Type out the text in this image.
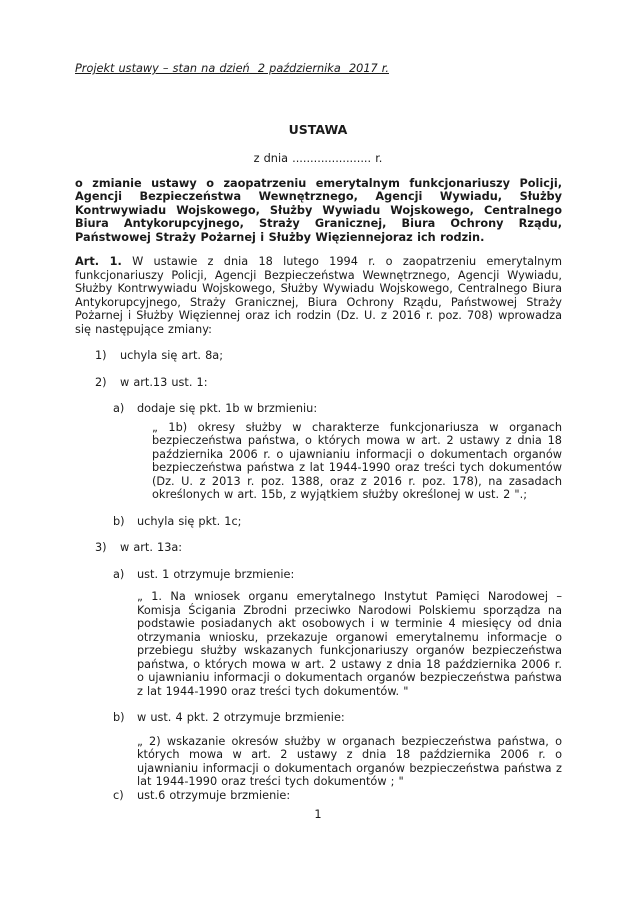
Projekt ustawy – stan na dzień  2 października  2017 r.
USTAWA
z dnia ...................... r.
o zmianie ustawy o zaopatrzeniu emerytalnym funkcjonariuszy Policji, Agencji Bezpieczeństwa Wewnętrznego, Agencji Wywiadu, Służby Kontrwywiadu Wojskowego, Służby Wywiadu Wojskowego, Centralnego Biura Antykorupcyjnego, Straży Granicznej, Biura Ochrony Rządu, Państwowej Straży Pożarnej i Służby Więziennejoraz ich rodzin.
Art. 1. W ustawie z dnia 18 lutego 1994 r. o zaopatrzeniu emerytalnym funkcjonariuszy Policji, Agencji Bezpieczeństwa Wewnętrznego, Agencji Wywiadu, Służby Kontrwywiadu Wojskowego, Służby Wywiadu Wojskowego, Centralnego Biura Antykorupcyjnego, Straży Granicznej, Biura Ochrony Rządu, Państwowej Straży Pożarnej i Służby Więziennej oraz ich rodzin (Dz. U. z 2016 r. poz. 708) wprowadza się następujące zmiany:
1)	uchyla się art. 8a;
2)	w art.13 ust. 1:
a)	dodaje się pkt. 1b w brzmieniu:
„ 1b) okresy służby w charakterze funkcjonariusza w organach bezpieczeństwa państwa, o których mowa w art. 2 ustawy z dnia 18 października 2006 r. o ujawnianiu informacji o dokumentach organów bezpieczeństwa państwa z lat 1944-1990 oraz treści tych dokumentów (Dz. U. z 2013 r. poz. 1388, oraz z 2016 r. poz. 178), na zasadach określonych w art. 15b, z wyjątkiem służby określonej w ust. 2 ".;
b)	uchyla się pkt. 1c;
3)	w art. 13a:
a)	ust. 1 otrzymuje brzmienie:
„ 1. Na wniosek organu emerytalnego Instytut Pamięci Narodowej – Komisja Ścigania Zbrodni przeciwko Narodowi Polskiemu sporządza na podstawie posiadanych akt osobowych i w terminie 4 miesięcy od dnia otrzymania wniosku, przekazuje organowi emerytalnemu informacje o przebiegu służby wskazanych funkcjonariuszy organów bezpieczeństwa państwa, o których mowa w art. 2 ustawy z dnia 18 października 2006 r. o ujawnianiu informacji o dokumentach organów bezpieczeństwa państwa z lat 1944-1990 oraz treści tych dokumentów. "
b)	w ust. 4 pkt. 2 otrzymuje brzmienie:
„ 2) wskazanie okresów służby w organach bezpieczeństwa państwa, o których mowa w art. 2 ustawy z dnia 18 października 2006 r. o ujawnianiu informacji o dokumentach organów bezpieczeństwa państwa z lat 1944-1990 oraz treści tych dokumentów ; "
c)	ust.6 otrzymuje brzmienie:
1
